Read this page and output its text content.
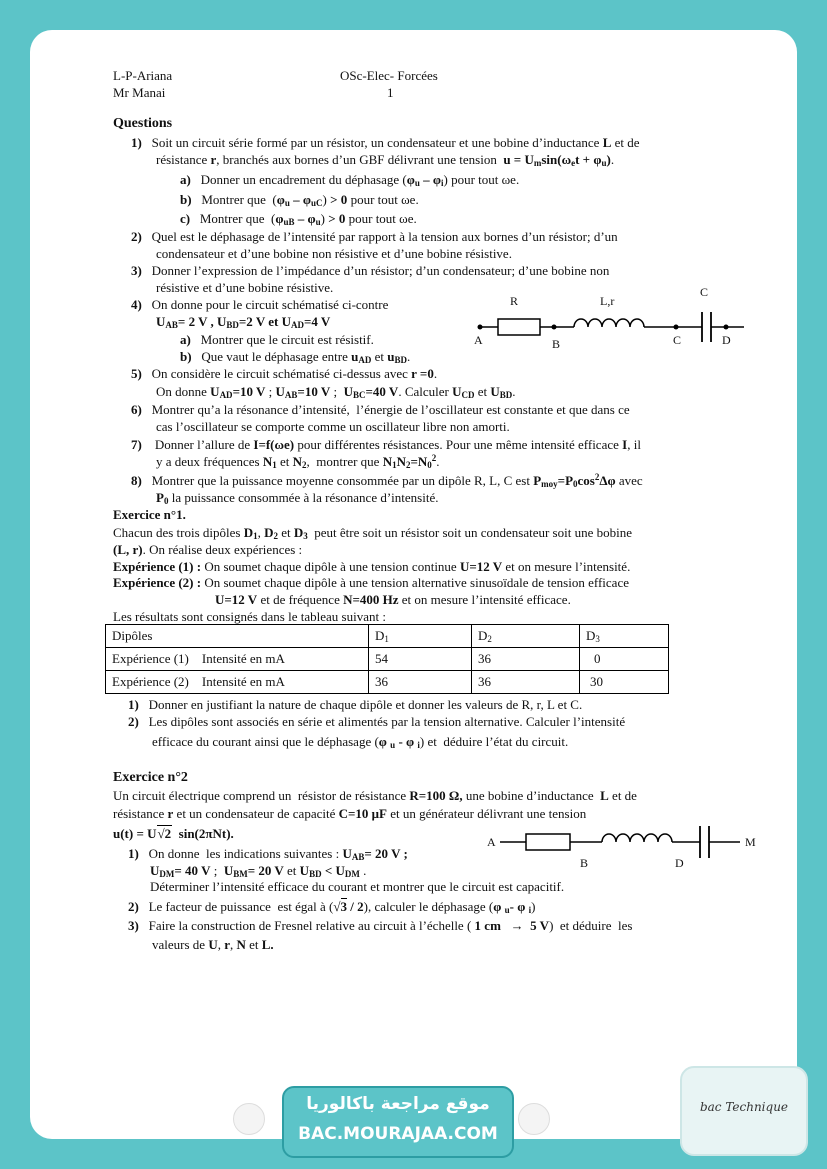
L-P-Ariana
Mr Manai
OSc-Elec- Forcées
1
Questions
1)   Soit un circuit série formé par un résistor, un condensateur et une bobine d’inductance L et de
résistance r, branchés aux bornes d’un GBF délivrant une tension  $u = U_m\sin(\omega_et + \varphi_u)$.
a)   Donner un encadrement du déphasage $(\varphi_u - \varphi_i)$ pour tout ωe.
b)   Montrer que  $(\varphi_u - \varphi_{uC}) > 0$ pour tout ωe.
c)   Montrer que  $(\varphi_{uB} - \varphi_u) > 0$ pour tout ωe.
2)   Quel est le déphasage de l’intensité par rapport à la tension aux bornes d’un résistor; d’un
condensateur et d’une bobine non résistive et d’une bobine résistive.
3)   Donner l’expression de l’impédance d’un résistor; d’un condensateur; d’une bobine non
résistive et d’une bobine résistive.
4)   On donne pour le circuit schématisé ci-contre
$U_{AB}= 2$ V , $U_{BD}=2$ V et $U_{AD}=4$ V
a)   Montrer que le circuit est résistif.
b)   Que vaut le déphasage entre $u_{AD}$ et $u_{BD}$.
R	L,r
C
A	B	C	D
5)   On considère le circuit schématisé ci-dessus avec r =0.
On donne $U_{AD}=10$ V ; $U_{AB}=10$ V ;  $U_{BC}=40$ V. Calculer $U_{CD}$ et $U_{BD}$.
6)   Montrer qu’a la résonance d’intensité,  l’énergie de l’oscillateur est constante et que dans ce
cas l’oscillateur se comporte comme un oscillateur libre non amorti.
7)    Donner l’allure de I=f(ωe) pour différentes résistances. Pour une même intensité efficace I, il
y a deux fréquences $N_1$ et $N_2$,  montrer que $N_1N_2=N_0^2$.
8)   Montrer que la puissance moyenne consommée par un dipôle R, L, C est $P_{moy}=P_0\cos^2\Delta\varphi$ avec
$P_0$ la puissance consommée à la résonance d’intensité.
Exercice n°1.
Chacun des trois dipôles $D_1$, $D_2$ et $D_3$  peut être soit un résistor soit un condensateur soit une bobine
(L, r). On réalise deux expériences :
Expérience (1) : On soumet chaque dipôle à une tension continue U=12 V et on mesure l’intensité.
Expérience (2) : On soumet chaque dipôle à une tension alternative sinusoïdale de tension efficace
U=12 V et de fréquence N=400 Hz et on mesure l’intensité efficace.
Les résultats sont consignés dans le tableau suivant :
Dipôles	$D_1$	$D_2$	$D_3$
Expérience (1) Intensité en mA	54	36	0
Expérience (2) Intensité en mA	36	36	30
1)   Donner en justifiant la nature de chaque dipôle et donner les valeurs de R, r, L et C.
2)   Les dipôles sont associés en série et alimentés par la tension alternative. Calculer l’intensité
efficace du courant ainsi que le déphasage (φ $_u$ - φ $_i$) et  déduire l’état du circuit.
Exercice n°2
Un circuit électrique comprend un  résistor de résistance R=100 Ω, une bobine d’inductance  L et de
résistance r et un condensateur de capacité C=10 μF et un générateur délivrant une tension
u(t) = U√2  sin(2πNt).
A
B	D
M
1)   On donne  les indications suivantes : $U_{AB}= 20$ V ;
$U_{DM}= 40$ V ;  $U_{BM}= 20$ V et $U_{BD} < U_{DM}$ .
Déterminer l’intensité efficace du courant et montrer que le circuit est capacitif.
2)   Le facteur de puissance  est égal à (√3 / 2), calculer le déphasage (φ $_u$- φ $_i$)
3)   Faire la construction de Fresnel relative au circuit à l’échelle ( 1 cm   →  5 V)  et déduire  les
valeurs de U, r, N et L.
موقع مراجعة باكالوريا
BAC.MOURAJAA.COM
bac Technique
